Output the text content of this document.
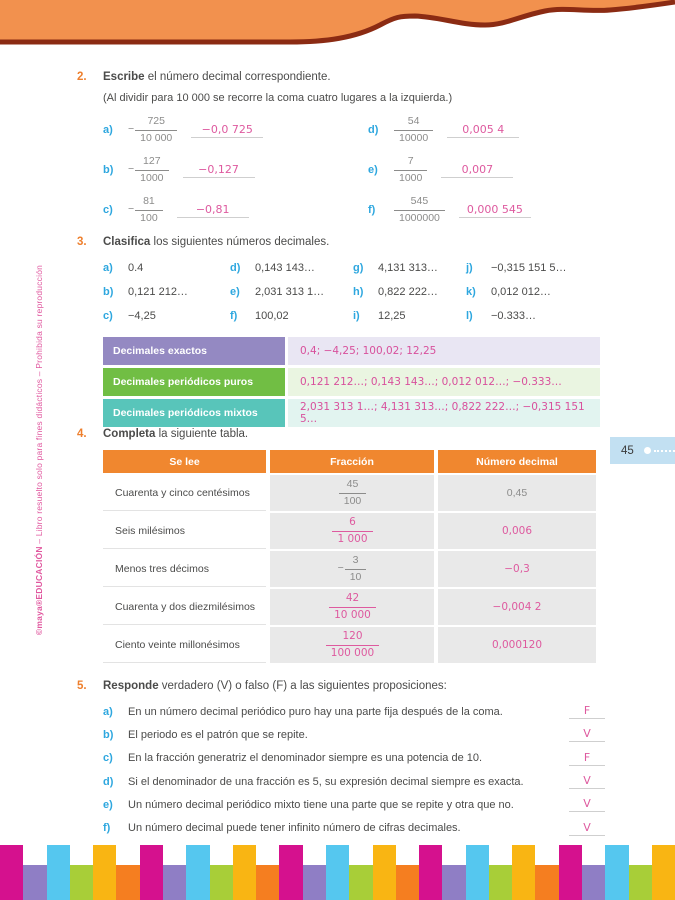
©maya®EDUCACIÓN – Libro resuelto solo para fines didácticos – Prohibida su reproducción
2.	Escribe el número decimal correspondiente.
(Al dividir para 10 000 se recorre la coma cuatro lugares a la izquierda.)
a)	− $\frac{725}{10 000}$	−0,0 725
b)	− $\frac{127}{1000}$	−0,127
c)	− $\frac{81}{100}$	−0,81
d)	$\frac{54}{10000}$	0,005 4
e)	$\frac{7}{1000}$	0,007
f)	$\frac{545}{1000000}$	0,000 545
3.	Clasifica los siguientes números decimales.
a)	0.4
b)	0,121 212…
c)	−4,25
d)	0,143 143…
e)	2,031 313 1…
f)	100,02
g)	4,131 313…
h)	0,822 222…
i)	12,25
j)	−0,315 151 5…
k)	0,012 012…
l)	−0.333…
Decimales exactos	0,4; −4,25; 100,02; 12,25
Decimales periódicos puros	0,121 212…; 0,143 143…; 0,012 012…; −0.333…
Decimales periódicos mixtos	2,031 313 1…; 4,131 313…; 0,822 222…; −0,315 151 5…
4.	Completa la siguiente tabla.
Se lee	Fracción	Número decimal
Cuarenta y cinco centésimos	$\frac{45}{100}$	0,45
Seis milésimos	$\frac{6}{1 000}$	0,006
Menos tres décimos	− $\frac{3}{10}$	−0,3
Cuarenta y dos diezmilésimos	$\frac{42}{10 000}$	−0,004 2
Ciento veinte millonésimos	$\frac{120}{100 000}$	0,000120
45
5.	Responde verdadero (V) o falso (F) a las siguientes proposiciones:
a)	En un número decimal periódico puro hay una parte fija después de la coma.	F
b)	El periodo es el patrón que se repite.	V
c)	En la fracción generatriz el denominador siempre es una potencia de 10.	F
d)	Si el denominador de una fracción es 5, su expresión decimal siempre es exacta.	V
e)	Un número decimal periódico mixto tiene una parte que se repite y otra que no.	V
f)	Un número decimal puede tener infinito número de cifras decimales.	V
